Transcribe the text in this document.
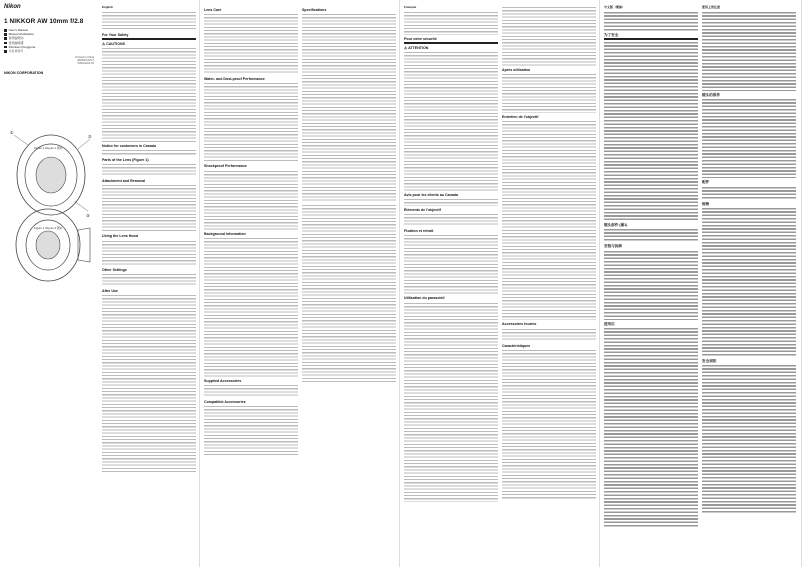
Nikon
1 NIKKOR AW 10mm f/2.8
User's Manual
Manuel d'utilisation
使用说明书
使用說明書
Panduan Pengguna
사용설명서
Printed in China
EN/FR/CN/CT
7MAA12A1-01
NIKON CORPORATION
①
②
③
Figure 1 (Figure 1 图1)
Figure 2 (Figure 2 图2)
English
For Your Safety
⚠ CAUTIONS
Notice for customers in Canada
Parts of the Lens (Figure 1)
Attachment and Removal
Using the Lens Hood
Other Settings
After Use
Lens Care
Water- and Dust-proof Performance
Shockproof Performance
Background Information
Supplied Accessories
Compatible Accessories
Specifications
Français
Pour votre sécurité
⚠ ATTENTION
Avis pour les clients au Canada
Éléments de l'objectif
Fixation et retrait
Utilisation du parasoleil
Après utilisation
Entretien de l'objectif
Accessoires fournis
Caractéristiques
中文版（简体）
为了安全
镜头部件 (图1)
安装与拆卸
使用后
使用上的注意
镜头的保养
配件
规格
安全須知
